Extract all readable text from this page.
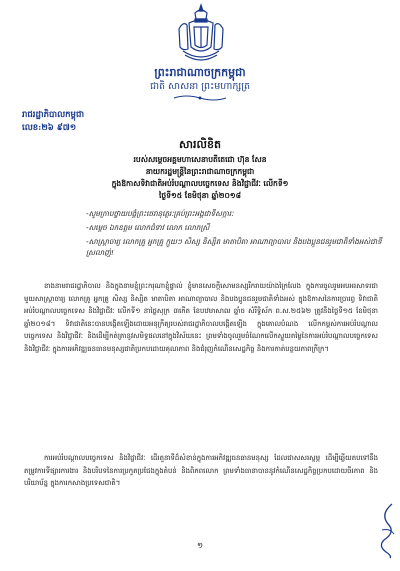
ព្រះរាជាណាចក្រកម្ពុជា
ជាតិ សាសនា ព្រះមហាក្សត្រ
រាជរដ្ឋាភិបាលកម្ពុជា
លេខ:២៦ ៩៧១
សារលិខិត
របស់សម្ដេចអគ្គមហាសេនាបតីតេជោ ហ៊ុន សែន
នាយករដ្ឋមន្ត្រីនៃព្រះរាជាណាចក្រកម្ពុជា
ក្នុងឱកាសទិវាជាតិអប់រំបណ្ដាលបច្ចេកទេស និងវិជ្ជាជីវៈ លើកទី១
ថ្ងៃទី១៥ ខែមិថុនា ឆ្នាំ២០១៨
-សូមក្រាបថ្វាយបង្គំព្រះថេរានុត្ថេរៈគ្រប់ព្រះអង្គជាទីសក្ការៈ
-សម្ដេច ឯកឧត្ដម លោកជំទាវ លោក លោកស្រី
-សាស្ត្រាចារ្យ លោកគ្រូ អ្នកគ្រូ ក្មួយៗ សិស្ស និស្សិត មាតាបិតា អាណាព្យាបាល និងបងប្អូនជនរួមជាតិទាំងអស់ជាទីស្រលាញ់!
ខាងនាមរាជរដ្ឋាភិបាល និងក្នុងនាមខ្ញុំព្រះករុណាខ្ញុំផ្ទាល់ ខ្ញុំមានសេចក្ដីសោមនស្សរីករាយយ៉ាងក្រៃលែង ក្នុងការចូលរួមអបអរសាទរជាមួយសាស្ត្រាចារ្យ លោកគ្រូ អ្នកគ្រូ សិស្ស និស្សិត មាតាបិតា អាណាព្យាបាល និងបងប្អូនជនរួមជាតិទាំងអស់ ក្នុងឱកាសនៃការប្រារព្ធ ទិវាជាតិអប់រំបណ្ដាលបច្ចេកទេស និងវិជ្ជាជីវៈ លើកទី១ នាថ្ងៃសុក្រ ៣កើត ខែបឋមាសាឍ ឆ្នាំច សំរឹទ្ធិស័ក ព.ស.២៥៦២ ត្រូវនឹងថ្ងៃទី១៥ ខែមិថុនា ឆ្នាំ២០១៨។ ទិវាជាតិនេះបានបង្កើតឡើងដោយអនុក្រឹត្យរបស់រាជរដ្ឋាភិបាលបង្កើតឡើង ក្នុងគោលបំណង លើកកម្ពស់ការអប់រំបណ្ដាលបច្ចេកទេស និងវិជ្ជាជីវៈ និងដើម្បីកត់ត្រានូវសមិទ្ធផលនៅក្នុងវិស័យនេះ ព្រមទាំងចូលរួមចំណែកលើកស្ទួយតម្លៃនៃការអប់រំបណ្ដាលបច្ចេកទេស និងវិជ្ជាជីវៈ ក្នុងការអភិវឌ្ឍធនធានមនុស្សជាតិប្រកបដោយគុណភាព និងជំរុញកំណើនសេដ្ឋកិច្ច និងការកាត់បន្ថយភាពក្រីក្រ។
ការអប់រំបណ្ដាលបច្ចេកទេស និងវិជ្ជាជីវៈ ដើរតួនាទីដ៏សំខាន់ក្នុងការអភិវឌ្ឍធនធានមនុស្ស ដែលជាសសរស្ដម្ភ ដើម្បីឆ្លើយតបទៅនឹងតម្រូវការទីផ្សារការងារ និងបរិបទនៃការប្រកួតប្រជែងក្នុងតំបន់ និងពិភពលោក ព្រមទាំងធានាបាននូវកំណើនសេដ្ឋកិច្ចប្រកបដោយចីរភាព និងបរិយាប័ន្ន ក្នុងការកសាងប្រទេសជាតិ។
១
